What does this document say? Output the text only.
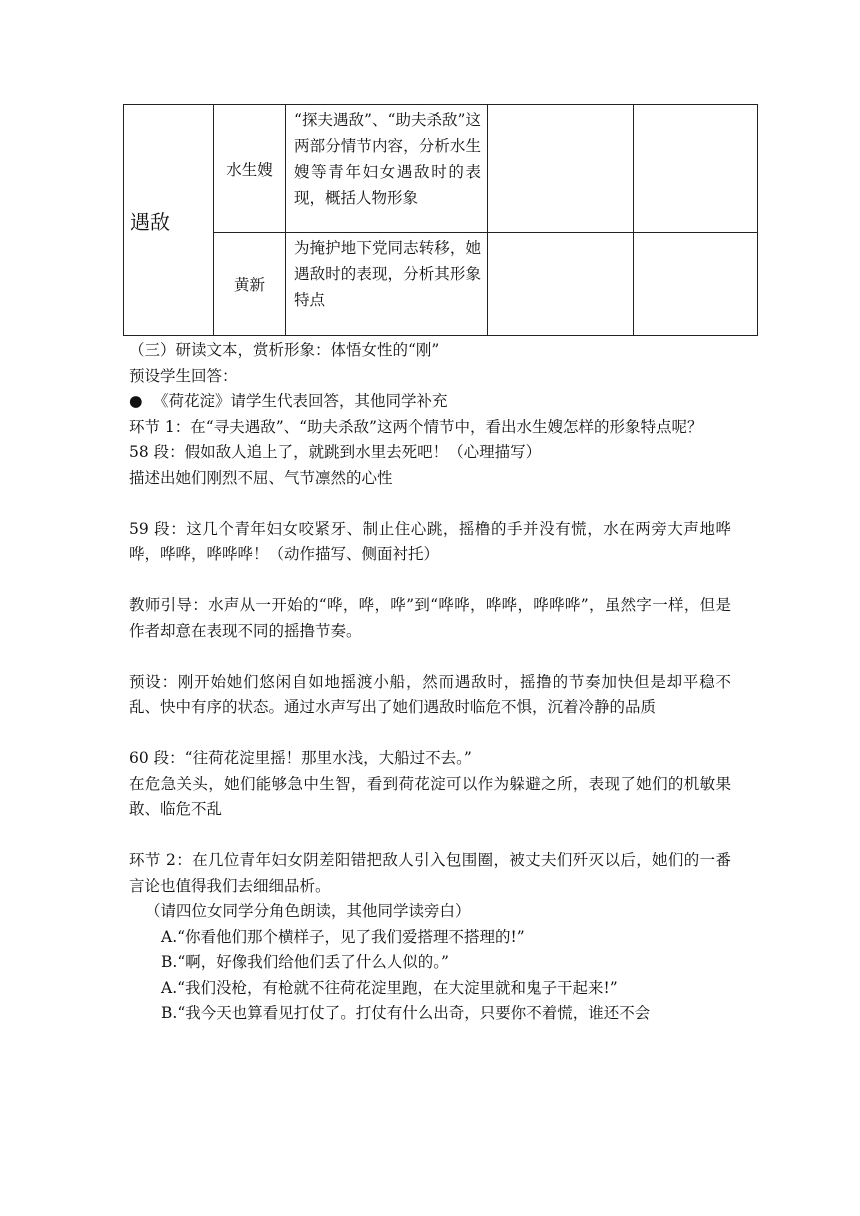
遇敌	水生嫂	“探夫遇敌”、“助夫杀敌”这两部分情节内容，分析水生嫂等青年妇女遇敌时的表现，概括人物形象		
	黄新	为掩护地下党同志转移，她遇敌时的表现，分析其形象特点		

（三）研读文本，赏析形象：体悟女性的“刚”

预设学生回答：

● 《荷花淀》请学生代表回答，其他同学补充

环节 1：在“寻夫遇敌”、“助夫杀敌”这两个情节中，看出水生嫂怎样的形象特点呢？

58 段：假如敌人追上了，就跳到水里去死吧！（心理描写）

描述出她们刚烈不屈、气节凛然的心性

59 段：这几个青年妇女咬紧牙、制止住心跳，摇橹的手并没有慌，水在两旁大声地哗哗，哗哗，哗哗哗！（动作描写、侧面衬托）

教师引导：水声从一开始的“哗，哗，哗”到“哗哗，哗哗，哗哗哗”，虽然字一样，但是作者却意在表现不同的摇撸节奏。

预设：刚开始她们悠闲自如地摇渡小船，然而遇敌时，摇撸的节奏加快但是却平稳不乱、快中有序的状态。通过水声写出了她们遇敌时临危不惧，沉着冷静的品质

60 段：“往荷花淀里摇！那里水浅，大船过不去。”

在危急关头，她们能够急中生智，看到荷花淀可以作为躲避之所，表现了她们的机敏果敢、临危不乱

环节 2：在几位青年妇女阴差阳错把敌人引入包围圈，被丈夫们歼灭以后，她们的一番言论也值得我们去细细品析。

（请四位女同学分角色朗读，其他同学读旁白）

A.“你看他们那个横样子，见了我们爱搭理不搭理的!”

B.“啊，好像我们给他们丢了什么人似的。”

A.“我们没枪，有枪就不往荷花淀里跑，在大淀里就和鬼子干起来!”

B.“我今天也算看见打仗了。打仗有什么出奇，只要你不着慌，谁还不会
